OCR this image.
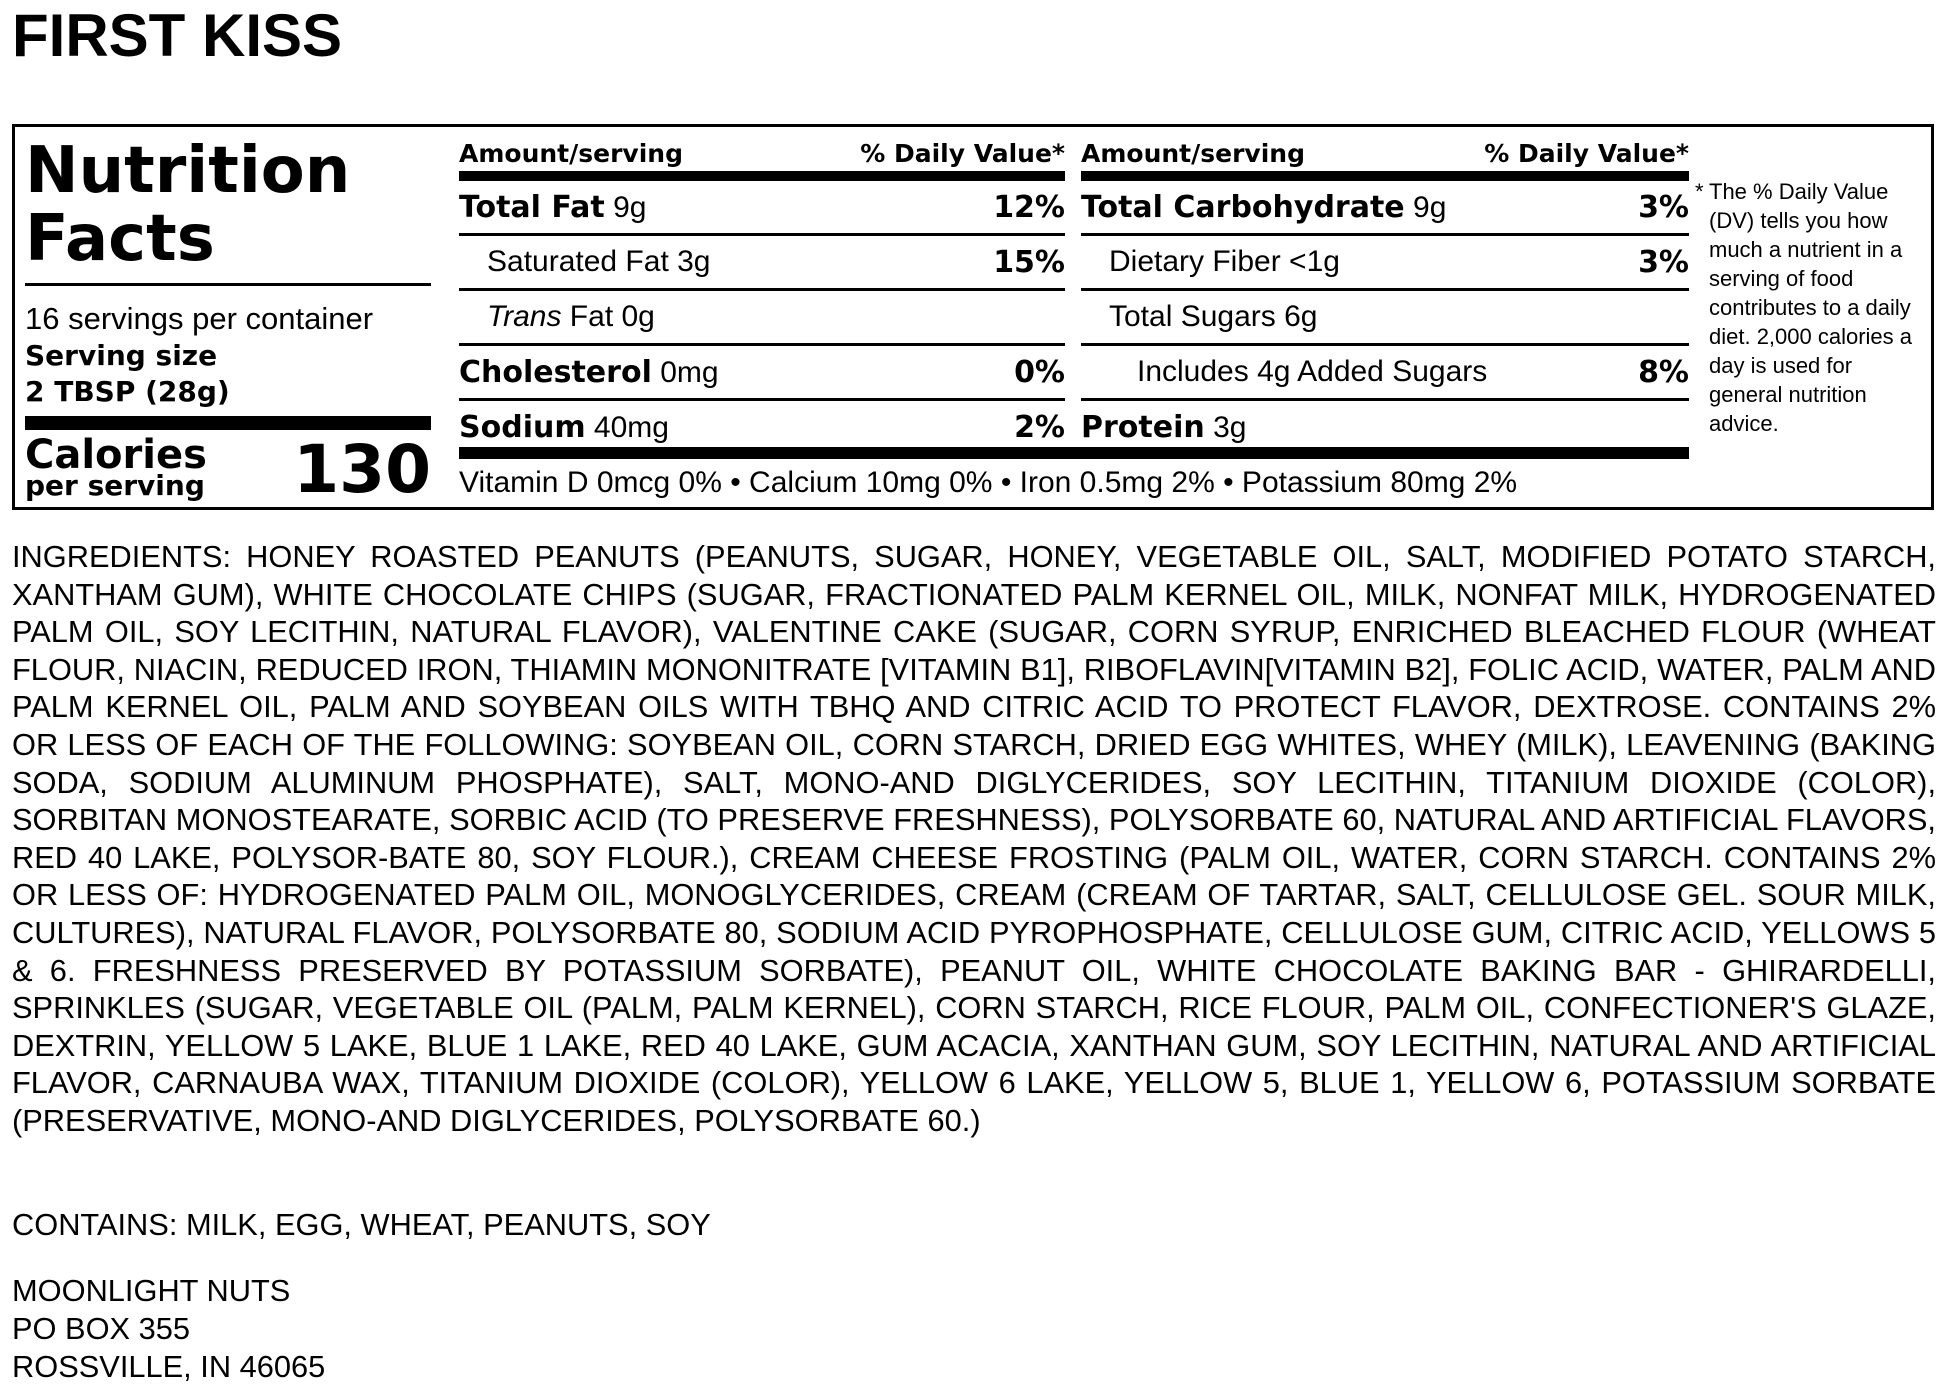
FIRST KISS
Nutrition
Facts
16 servings per container
Serving size
2 TBSP (28g)
Calories
per serving 130
Amount/serving	% Daily Value*
Total Fat 9g	12%
Saturated Fat 3g	15%
Trans Fat 0g
Cholesterol 0mg	0%
Sodium 40mg	2%
Amount/serving	% Daily Value*
Total Carbohydrate 9g	3%
Dietary Fiber <1g	3%
Total Sugars 6g
Includes 4g Added Sugars	8%
Protein 3g
Vitamin D 0mcg 0% • Calcium 10mg 0% • Iron 0.5mg 2% • Potassium 80mg 2%
* The % Daily Value (DV) tells you how much a nutrient in a serving of food contributes to a daily diet. 2,000 calories a day is used for general nutrition advice.

INGREDIENTS: HONEY ROASTED PEANUTS (PEANUTS, SUGAR, HONEY, VEGETABLE OIL, SALT, MODIFIED POTATO STARCH, XANTHAM GUM), WHITE CHOCOLATE CHIPS (SUGAR, FRACTIONATED PALM KERNEL OIL, MILK, NONFAT MILK, HYDROGENATED PALM OIL, SOY LECITHIN, NATURAL FLAVOR), VALENTINE CAKE (SUGAR, CORN SYRUP, ENRICHED BLEACHED FLOUR (WHEAT FLOUR, NIACIN, REDUCED IRON, THIAMIN MONONITRATE [VITAMIN B1], RIBOFLAVIN[VITAMIN B2], FOLIC ACID, WATER, PALM AND PALM KERNEL OIL, PALM AND SOYBEAN OILS WITH TBHQ AND CITRIC ACID TO PROTECT FLAVOR, DEXTROSE. CONTAINS 2% OR LESS OF EACH OF THE FOLLOWING: SOYBEAN OIL, CORN STARCH, DRIED EGG WHITES, WHEY (MILK), LEAVENING (BAKING SODA, SODIUM ALUMINUM PHOSPHATE), SALT, MONO-AND DIGLYCERIDES, SOY LECITHIN, TITANIUM DIOXIDE (COLOR), SORBITAN MONOSTEARATE, SORBIC ACID (TO PRESERVE FRESHNESS), POLYSORBATE 60, NATURAL AND ARTIFICIAL FLAVORS, RED 40 LAKE, POLYSOR-BATE 80, SOY FLOUR.), CREAM CHEESE FROSTING (PALM OIL, WATER, CORN STARCH. CONTAINS 2% OR LESS OF: HYDROGENATED PALM OIL, MONOGLYCERIDES, CREAM (CREAM OF TARTAR, SALT, CELLULOSE GEL. SOUR MILK, CULTURES), NATURAL FLAVOR, POLYSORBATE 80, SODIUM ACID PYROPHOSPHATE, CELLULOSE GUM, CITRIC ACID, YELLOWS 5 & 6. FRESHNESS PRESERVED BY POTASSIUM SORBATE), PEANUT OIL, WHITE CHOCOLATE BAKING BAR - GHIRARDELLI, SPRINKLES (SUGAR, VEGETABLE OIL (PALM, PALM KERNEL), CORN STARCH, RICE FLOUR, PALM OIL, CONFECTIONER'S GLAZE, DEXTRIN, YELLOW 5 LAKE, BLUE 1 LAKE, RED 40 LAKE, GUM ACACIA, XANTHAN GUM, SOY LECITHIN, NATURAL AND ARTIFICIAL FLAVOR, CARNAUBA WAX, TITANIUM DIOXIDE (COLOR), YELLOW 6 LAKE, YELLOW 5, BLUE 1, YELLOW 6, POTASSIUM SORBATE (PRESERVATIVE, MONO-AND DIGLYCERIDES, POLYSORBATE 60.)

CONTAINS: MILK, EGG, WHEAT, PEANUTS, SOY

MOONLIGHT NUTS
PO BOX 355
ROSSVILLE, IN 46065
